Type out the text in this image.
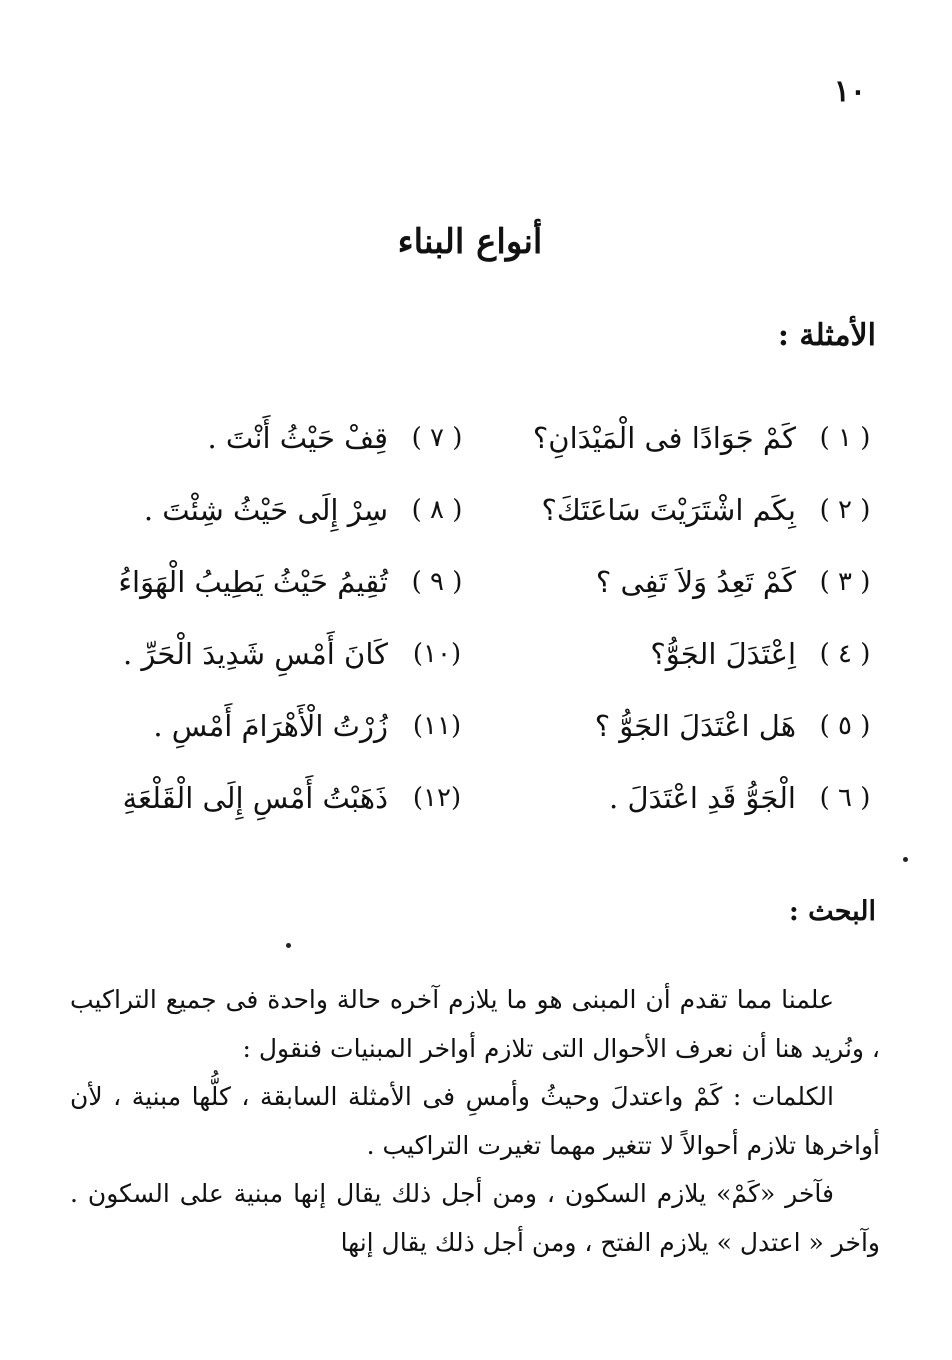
١٠
أنواع البناء
الأمثلة :
( ١ )
كَمْ جَوَادًا فى الْمَيْدَانِ؟
( ٧ )
قِفْ حَيْثُ أَنْتَ .
( ٢ )
بِكَم اشْتَرَيْتَ سَاعَتَكَ؟
( ٨ )
سِرْ إِلَى حَيْثُ شِئْتَ .
( ٣ )
كَمْ تَعِدُ وَلاَ تَفِى ؟
( ٩ )
تُقِيمُ حَيْثُ يَطِيبُ الْهَوَاءُ
( ٤ )
اِعْتَدَلَ الجَوُّ؟
(١٠)
كَانَ أَمْسِ شَدِيدَ الْحَرِّ .
( ٥ )
هَل اعْتَدَلَ الجَوُّ ؟
(١١)
زُرْتُ الْأَهْرَامَ أَمْسِ .
( ٦ )
الْجَوُّ قَدِ اعْتَدَلَ .
(١٢)
ذَهَبْتُ أَمْسِ إِلَى الْقَلْعَةِ
البحث :

علمنا مما تقدم أن المبنى هو ما يلازم آخره حالة واحدة فى جميع التراكيب ، ونُريد هنا أن نعرف الأحوال التى تلازم أواخر المبنيات فنقول :

الكلمات : كَمْ واعتدلَ وحيثُ وأمسِ فى الأمثلة السابقة ، كلُّها مبنية ، لأن أواخرها تلازم أحوالاً لا تتغير مهما تغيرت التراكيب .

فآخر «كَمْ» يلازم السكون ، ومن أجل ذلك يقال إنها مبنية على السكون . وآخر « اعتدل » يلازم الفتح ، ومن أجل ذلك يقال إنها
